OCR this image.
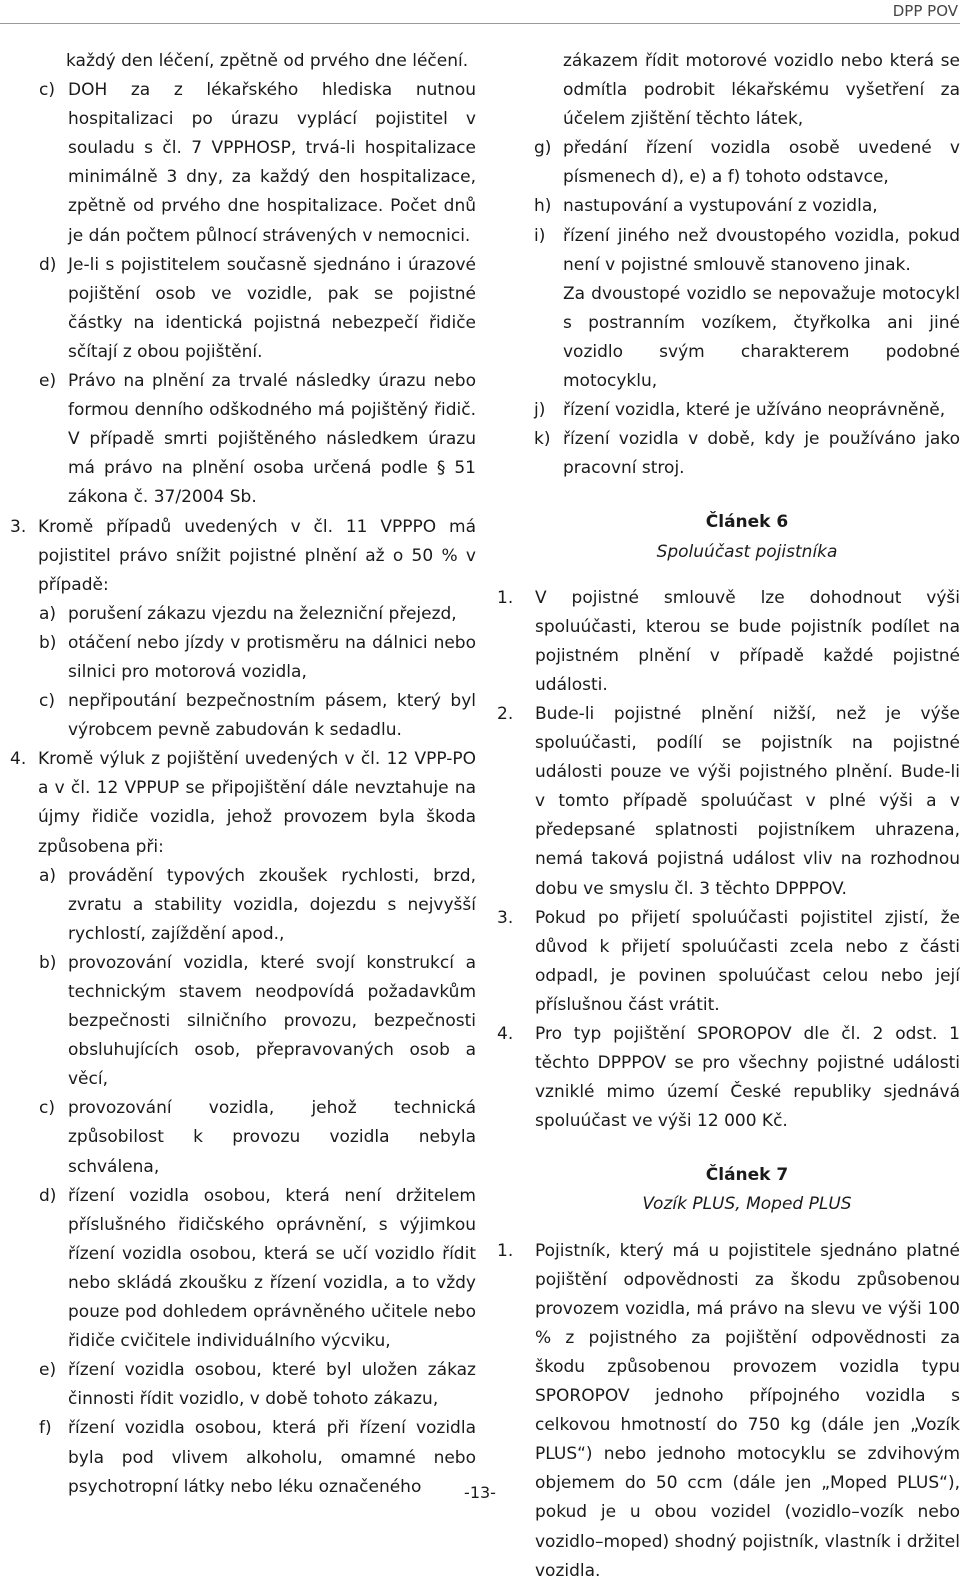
DPP POV

každý den léčení, zpětně od prvého dne léčení.

c) DOH za z lékařského hlediska nutnou hospitalizaci po úrazu vyplácí pojistitel v souladu s čl. 7 VPPHOSP, trvá-li hospitalizace minimálně 3 dny, za každý den hospitalizace, zpětně od prvého dne hospitalizace. Počet dnů je dán počtem půlnocí strávených v nemocnici.
d) Je-li s pojistitelem současně sjednáno i úrazové pojištění osob ve vozidle, pak se pojistné částky na identická pojistná nebezpečí řidiče sčítají z obou pojištění.
e) Právo na plnění za trvalé následky úrazu nebo formou denního odškodného má pojištěný řidič. V případě smrti pojištěného následkem úrazu má právo na plnění osoba určená podle § 51 zákona č. 37/2004 Sb.
3. Kromě případů uvedených v čl. 11 VPPPO má pojistitel právo snížit pojistné plnění až o 50 % v případě:
a) porušení zákazu vjezdu na železniční přejezd,
b) otáčení nebo jízdy v protisměru na dálnici nebo silnici pro motorová vozidla,
c) nepřipoutání bezpečnostním pásem, který byl výrobcem pevně zabudován k sedadlu.
4. Kromě výluk z pojištění uvedených v čl. 12 VPP-PO a v čl. 12 VPPUP se připojištění dále nevztahuje na újmy řidiče vozidla, jehož provozem byla škoda způsobena při:
a) provádění typových zkoušek rychlosti, brzd, zvratu a stability vozidla, dojezdu s nejvyšší rychlostí, zajíždění apod.,
b) provozování vozidla, které svojí konstrukcí a technickým stavem neodpovídá požadavkům bezpečnosti silničního provozu, bezpečnosti obsluhujících osob, přepravovaných osob a věcí,
c) provozování vozidla, jehož technická způsobilost k provozu vozidla nebyla schválena,
d) řízení vozidla osobou, která není držitelem příslušného řidičského oprávnění, s výjimkou řízení vozidla osobou, která se učí vozidlo řídit nebo skládá zkoušku z řízení vozidla, a to vždy pouze pod dohledem oprávněného učitele nebo řidiče cvičitele individuálního výcviku,
e) řízení vozidla osobou, které byl uložen zákaz činnosti řídit vozidlo, v době tohoto zákazu,
f) řízení vozidla osobou, která při řízení vozidla byla pod vlivem alkoholu, omamné nebo psychotropní látky nebo léku označeného

zákazem řídit motorové vozidlo nebo která se odmítla podrobit lékařskému vyšetření za účelem zjištění těchto látek,

g) předání řízení vozidla osobě uvedené v písmenech d), e) a f) tohoto odstavce,
h) nastupování a vystupování z vozidla,
i) řízení jiného než dvoustopého vozidla, pokud není v pojistné smlouvě stanoveno jinak.

Za dvoustopé vozidlo se nepovažuje motocykl s postranním vozíkem, čtyřkolka ani jiné vozidlo svým charakterem podobné motocyklu,

j) řízení vozidla, které je užíváno neoprávněně,
k) řízení vozidla v době, kdy je používáno jako pracovní stroj.
Článek 6
Spoluúčast pojistníka
1. V pojistné smlouvě lze dohodnout výši spoluúčasti, kterou se bude pojistník podílet na pojistném plnění v případě každé pojistné události.
2. Bude-li pojistné plnění nižší, než je výše spoluúčasti, podílí se pojistník na pojistné události pouze ve výši pojistného plnění. Bude-li v tomto případě spoluúčast v plné výši a v předepsané splatnosti pojistníkem uhrazena, nemá taková pojistná událost vliv na rozhodnou dobu ve smyslu čl. 3 těchto DPPPOV.
3. Pokud po přijetí spoluúčasti pojistitel zjistí, že důvod k přijetí spoluúčasti zcela nebo z části odpadl, je povinen spoluúčast celou nebo její příslušnou část vrátit.
4. Pro typ pojištění SPOROPOV dle čl. 2 odst. 1 těchto DPPPOV se pro všechny pojistné události vzniklé mimo území České republiky sjednává spoluúčast ve výši 12 000 Kč.
Článek 7
Vozík PLUS, Moped PLUS
1. Pojistník, který má u pojistitele sjednáno platné pojištění odpovědnosti za škodu způsobenou provozem vozidla, má právo na slevu ve výši 100 % z pojistného za pojištění odpovědnosti za škodu způsobenou provozem vozidla typu SPOROPOV jednoho přípojného vozidla s celkovou hmotností do 750 kg (dále jen „Vozík PLUS“) nebo jednoho motocyklu se zdvihovým objemem do 50 ccm (dále jen „Moped PLUS“), pokud je u obou vozidel (vozidlo–vozík nebo vozidlo–moped) shodný pojistník, vlastník i držitel vozidla.
-13-
